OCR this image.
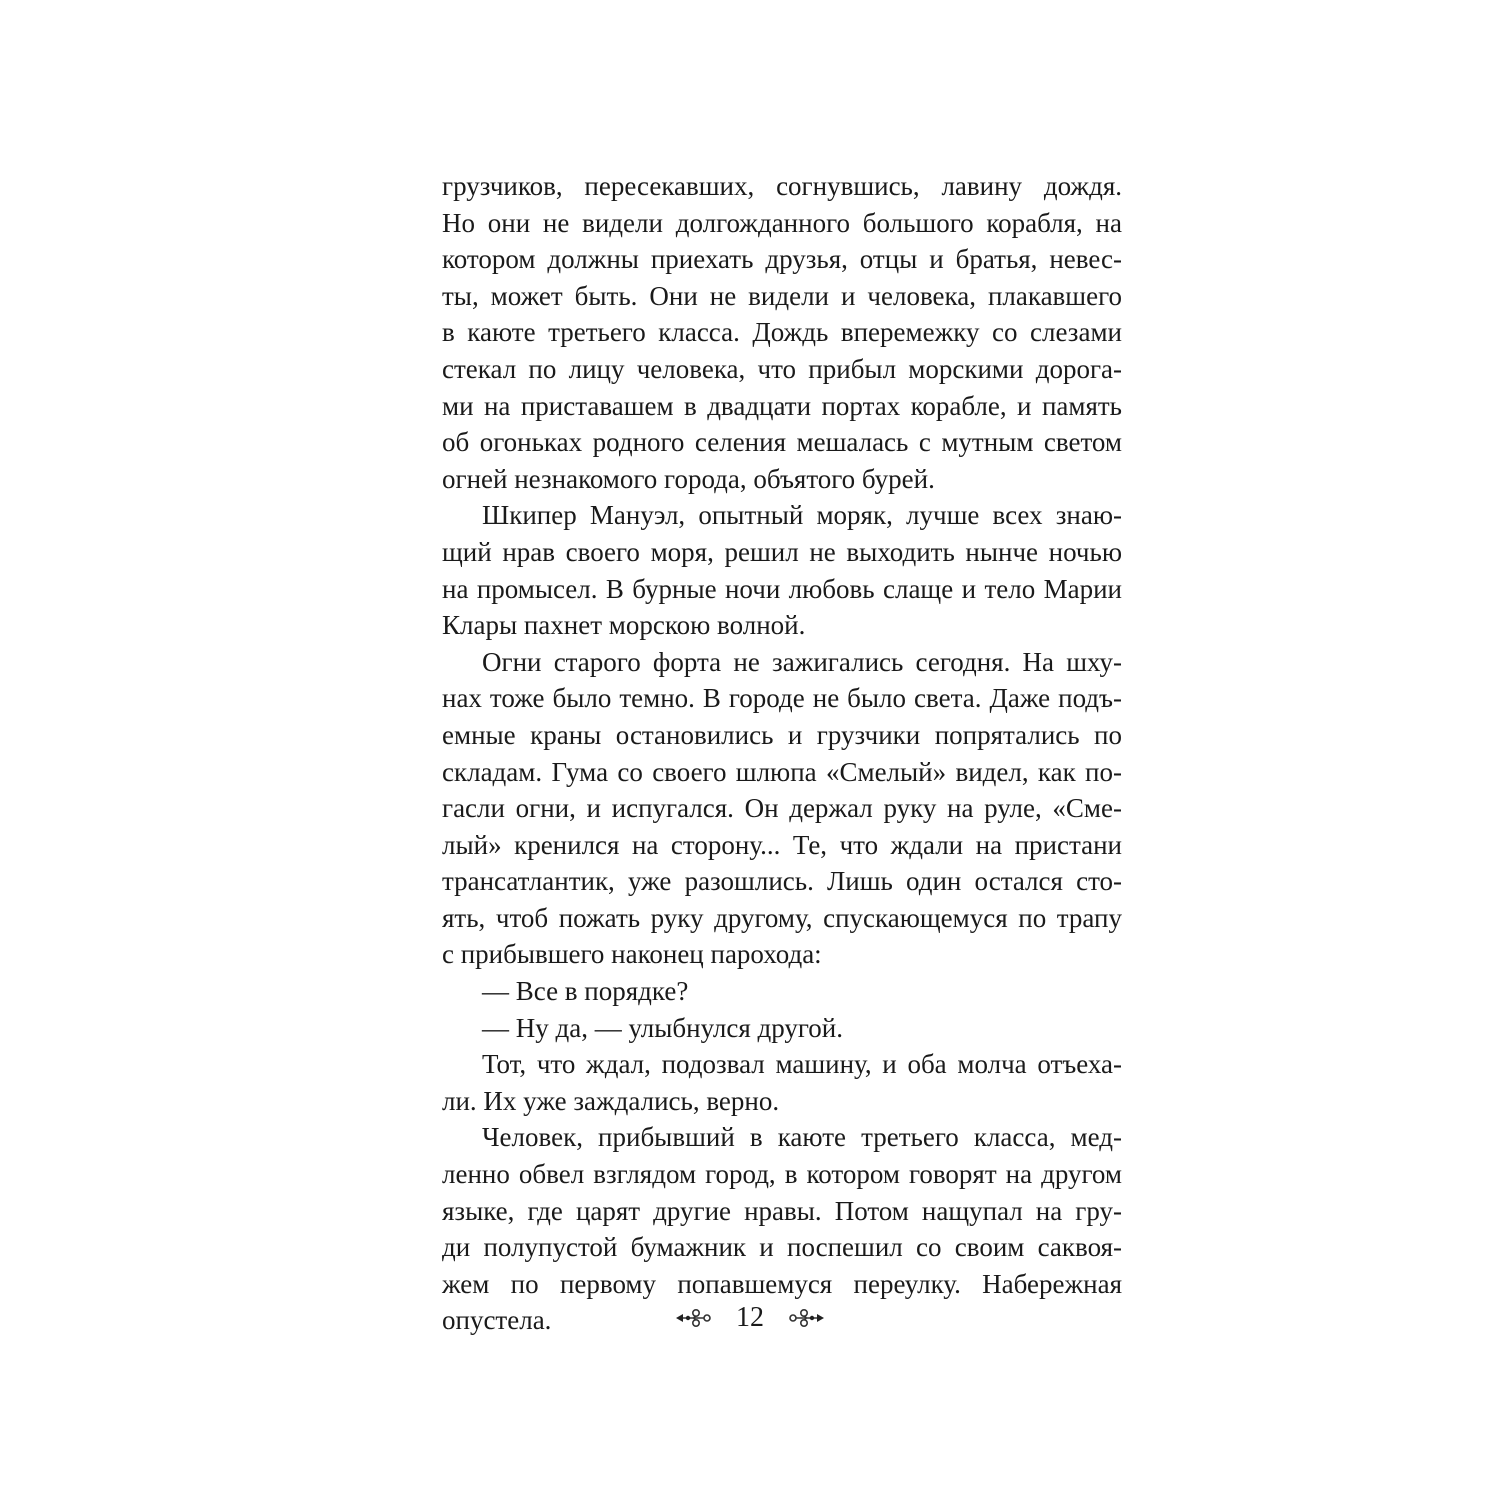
грузчиков, пересекавших, согнувшись, лавину дождя.
Но они не видели долгожданного большого корабля, на
котором должны приехать друзья, отцы и братья, невес-
ты, может быть. Они не видели и человека, плакавшего
в каюте третьего класса. Дождь вперемежку со слезами
стекал по лицу человека, что прибыл морскими дорога-
ми на приставашем в двадцати портах корабле, и память
об огоньках родного селения мешалась с мутным светом
огней незнакомого города, объятого бурей.
Шкипер Мануэл, опытный моряк, лучше всех знаю-
щий нрав своего моря, решил не выходить нынче ночью
на промысел. В бурные ночи любовь слаще и тело Марии
Клары пахнет морскою волной.
Огни старого форта не зажигались сегодня. На шху-
нах тоже было темно. В городе не было света. Даже подъ-
емные краны остановились и грузчики попрятались по
складам. Гума со своего шлюпа «Смелый» видел, как по-
гасли огни, и испугался. Он держал руку на руле, «Сме-
лый» кренился на сторону... Те, что ждали на пристани
трансатлантик, уже разошлись. Лишь один остался сто-
ять, чтоб пожать руку другому, спускающемуся по трапу
с прибывшего наконец парохода:
— Все в порядке?
— Ну да, — улыбнулся другой.
Тот, что ждал, подозвал машину, и оба молча отъеха-
ли. Их уже заждались, верно.
Человек, прибывший в каюте третьего класса, мед-
ленно обвел взглядом город, в котором говорят на другом
языке, где царят другие нравы. Потом нащупал на гру-
ди полупустой бумажник и поспешил со своим саквоя-
жем по первому попавшемуся переулку. Набережная
опустела.	12
